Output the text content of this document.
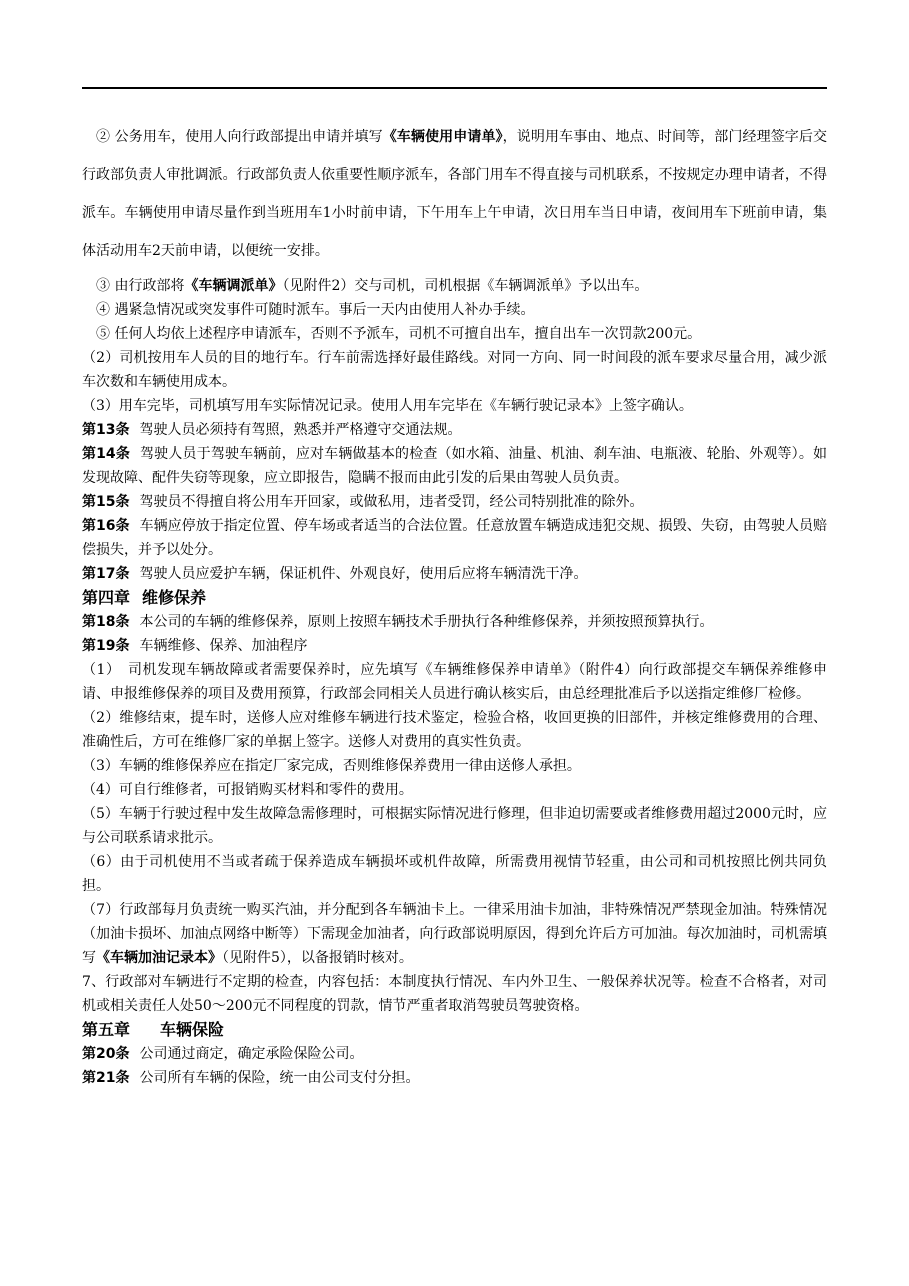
② 公务用车，使用人向行政部提出申请并填写《车辆使用申请单》，说明用车事由、地点、时间等，部门经理签字后交行政部负责人审批调派。行政部负责人依重要性顺序派车，各部门用车不得直接与司机联系，不按规定办理申请者，不得派车。车辆使用申请尽量作到当班用车1小时前申请，下午用车上午申请，次日用车当日申请，夜间用车下班前申请，集体活动用车2天前申请，以便统一安排。

③ 由行政部将《车辆调派单》（见附件2）交与司机，司机根据《车辆调派单》予以出车。

④ 遇紧急情况或突发事件可随时派车。事后一天内由使用人补办手续。

⑤ 任何人均依上述程序申请派车，否则不予派车，司机不可擅自出车，擅自出车一次罚款200元。

（2）司机按用车人员的目的地行车。行车前需选择好最佳路线。对同一方向、同一时间段的派车要求尽量合用，减少派车次数和车辆使用成本。

（3）用车完毕，司机填写用车实际情况记录。使用人用车完毕在《车辆行驶记录本》上签字确认。

第13条 驾驶人员必须持有驾照，熟悉并严格遵守交通法规。

第14条 驾驶人员于驾驶车辆前，应对车辆做基本的检查（如水箱、油量、机油、刹车油、电瓶液、轮胎、外观等）。如发现故障、配件失窃等现象，应立即报告，隐瞒不报而由此引发的后果由驾驶人员负责。

第15条 驾驶员不得擅自将公用车开回家，或做私用，违者受罚，经公司特别批准的除外。

第16条 车辆应停放于指定位置、停车场或者适当的合法位置。任意放置车辆造成违犯交规、损毁、失窃，由驾驶人员赔偿损失，并予以处分。

第17条 驾驶人员应爱护车辆，保证机件、外观良好，使用后应将车辆清洗干净。

第四章 维修保养

第18条 本公司的车辆的维修保养，原则上按照车辆技术手册执行各种维修保养，并须按照预算执行。

第19条 车辆维修、保养、加油程序

（1）　司机发现车辆故障或者需要保养时，应先填写《车辆维修保养申请单》（附件4）向行政部提交车辆保养维修申请、申报维修保养的项目及费用预算，行政部会同相关人员进行确认核实后，由总经理批准后予以送指定维修厂检修。

（2）维修结束，提车时，送修人应对维修车辆进行技术鉴定，检验合格，收回更换的旧部件，并核定维修费用的合理、准确性后，方可在维修厂家的单据上签字。送修人对费用的真实性负责。

（3）车辆的维修保养应在指定厂家完成，否则维修保养费用一律由送修人承担。

（4）可自行维修者，可报销购买材料和零件的费用。

（5）车辆于行驶过程中发生故障急需修理时，可根据实际情况进行修理，但非迫切需要或者维修费用超过2000元时，应与公司联系请求批示。

（6）由于司机使用不当或者疏于保养造成车辆损坏或机件故障，所需费用视情节轻重，由公司和司机按照比例共同负担。

（7）行政部每月负责统一购买汽油，并分配到各车辆油卡上。一律采用油卡加油，非特殊情况严禁现金加油。特殊情况（加油卡损坏、加油点网络中断等）下需现金加油者，向行政部说明原因，得到允许后方可加油。每次加油时，司机需填写《车辆加油记录本》（见附件5），以备报销时核对。

7、行政部对车辆进行不定期的检查，内容包括：本制度执行情况、车内外卫生、一般保养状况等。检查不合格者，对司机或相关责任人处50～200元不同程度的罚款，情节严重者取消驾驶员驾驶资格。

第五章 车辆保险

第20条 公司通过商定，确定承险保险公司。

第21条 公司所有车辆的保险，统一由公司支付分担。
